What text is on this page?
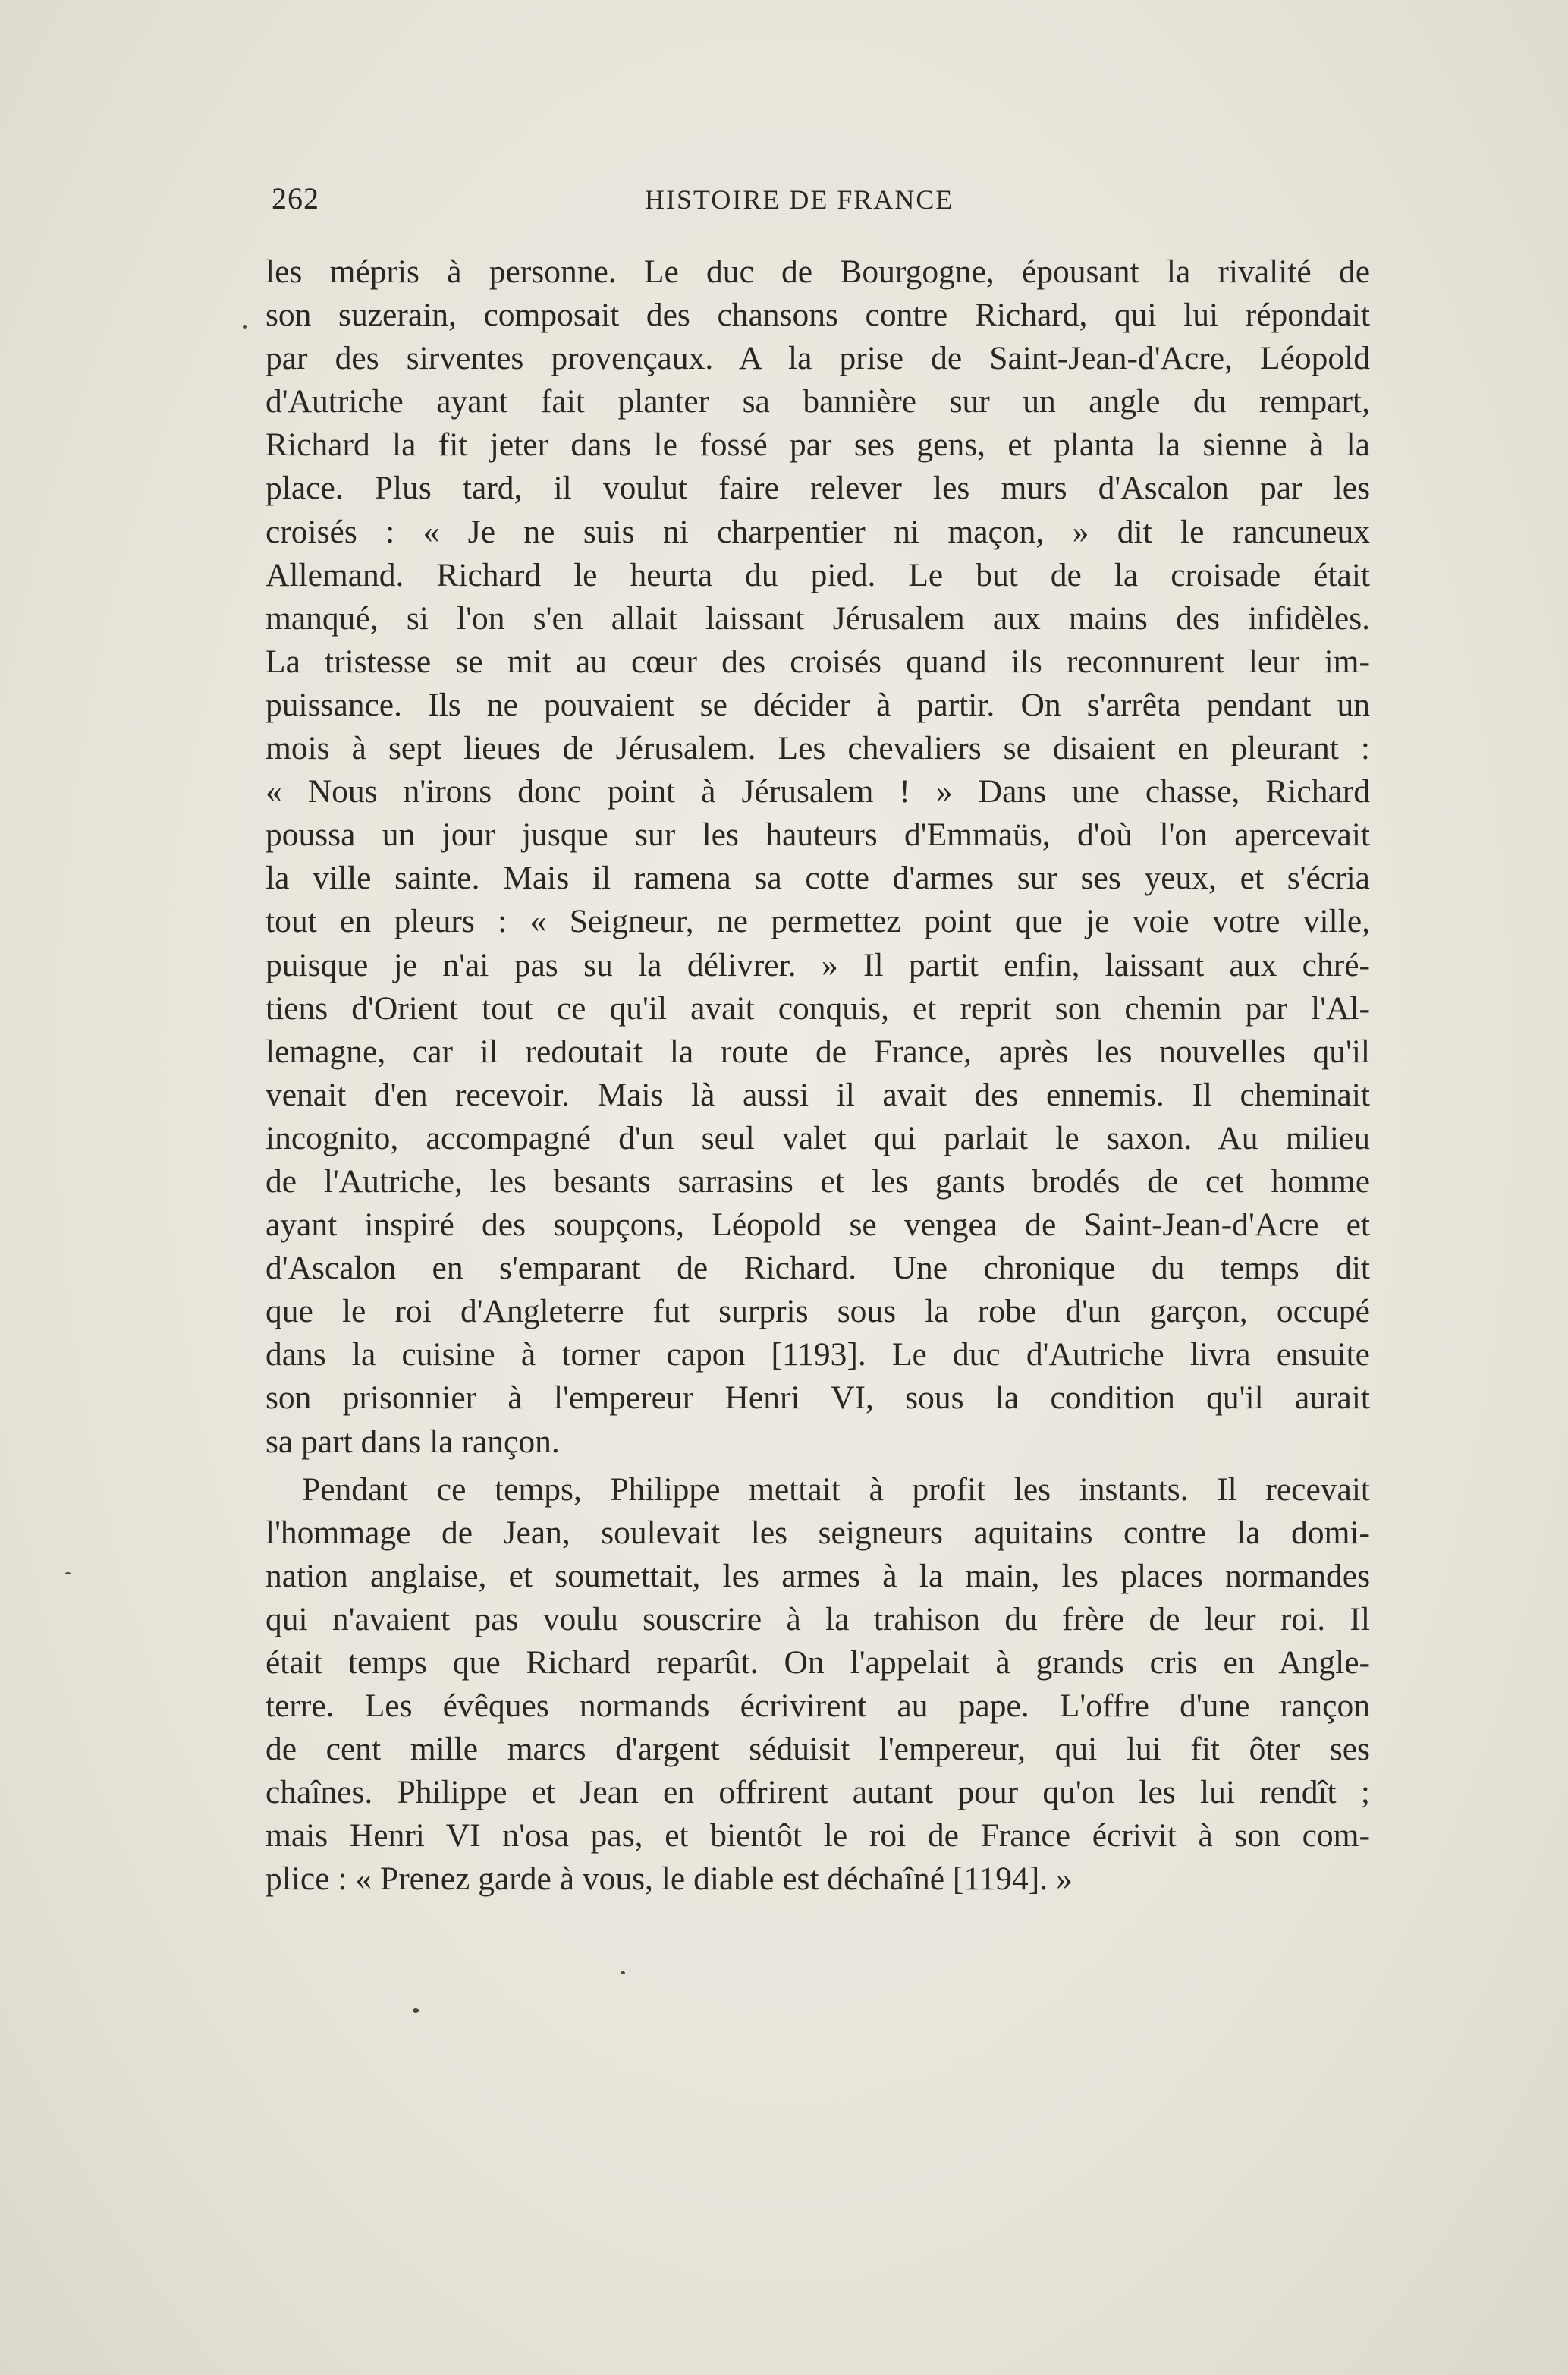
262	HISTOIRE DE FRANCE
les mépris à personne. Le duc de Bourgogne, épousant la rivalité de
son suzerain, composait des chansons contre Richard, qui lui répondait
par des sirventes provençaux. A la prise de Saint-Jean-d'Acre, Léopold
d'Autriche ayant fait planter sa bannière sur un angle du rempart,
Richard la fit jeter dans le fossé par ses gens, et planta la sienne à la
place. Plus tard, il voulut faire relever les murs d'Ascalon par les
croisés : « Je ne suis ni charpentier ni maçon, » dit le rancuneux
Allemand. Richard le heurta du pied. Le but de la croisade était
manqué, si l'on s'en allait laissant Jérusalem aux mains des infidèles.
La tristesse se mit au cœur des croisés quand ils reconnurent leur im-
puissance. Ils ne pouvaient se décider à partir. On s'arrêta pendant un
mois à sept lieues de Jérusalem. Les chevaliers se disaient en pleurant :
« Nous n'irons donc point à Jérusalem ! » Dans une chasse, Richard
poussa un jour jusque sur les hauteurs d'Emmaüs, d'où l'on apercevait
la ville sainte. Mais il ramena sa cotte d'armes sur ses yeux, et s'écria
tout en pleurs : « Seigneur, ne permettez point que je voie votre ville,
puisque je n'ai pas su la délivrer. » Il partit enfin, laissant aux chré-
tiens d'Orient tout ce qu'il avait conquis, et reprit son chemin par l'Al-
lemagne, car il redoutait la route de France, après les nouvelles qu'il
venait d'en recevoir. Mais là aussi il avait des ennemis. Il cheminait
incognito, accompagné d'un seul valet qui parlait le saxon. Au milieu
de l'Autriche, les besants sarrasins et les gants brodés de cet homme
ayant inspiré des soupçons, Léopold se vengea de Saint-Jean-d'Acre et
d'Ascalon en s'emparant de Richard. Une chronique du temps dit
que le roi d'Angleterre fut surpris sous la robe d'un garçon, occupé
dans la cuisine à torner capon [1193]. Le duc d'Autriche livra ensuite
son prisonnier à l'empereur Henri VI, sous la condition qu'il aurait
sa part dans la rançon.
Pendant ce temps, Philippe mettait à profit les instants. Il recevait
l'hommage de Jean, soulevait les seigneurs aquitains contre la domi-
nation anglaise, et soumettait, les armes à la main, les places normandes
qui n'avaient pas voulu souscrire à la trahison du frère de leur roi. Il
était temps que Richard reparût. On l'appelait à grands cris en Angle-
terre. Les évêques normands écrivirent au pape. L'offre d'une rançon
de cent mille marcs d'argent séduisit l'empereur, qui lui fit ôter ses
chaînes. Philippe et Jean en offrirent autant pour qu'on les lui rendît ;
mais Henri VI n'osa pas, et bientôt le roi de France écrivit à son com-
plice : « Prenez garde à vous, le diable est déchaîné [1194]. »
